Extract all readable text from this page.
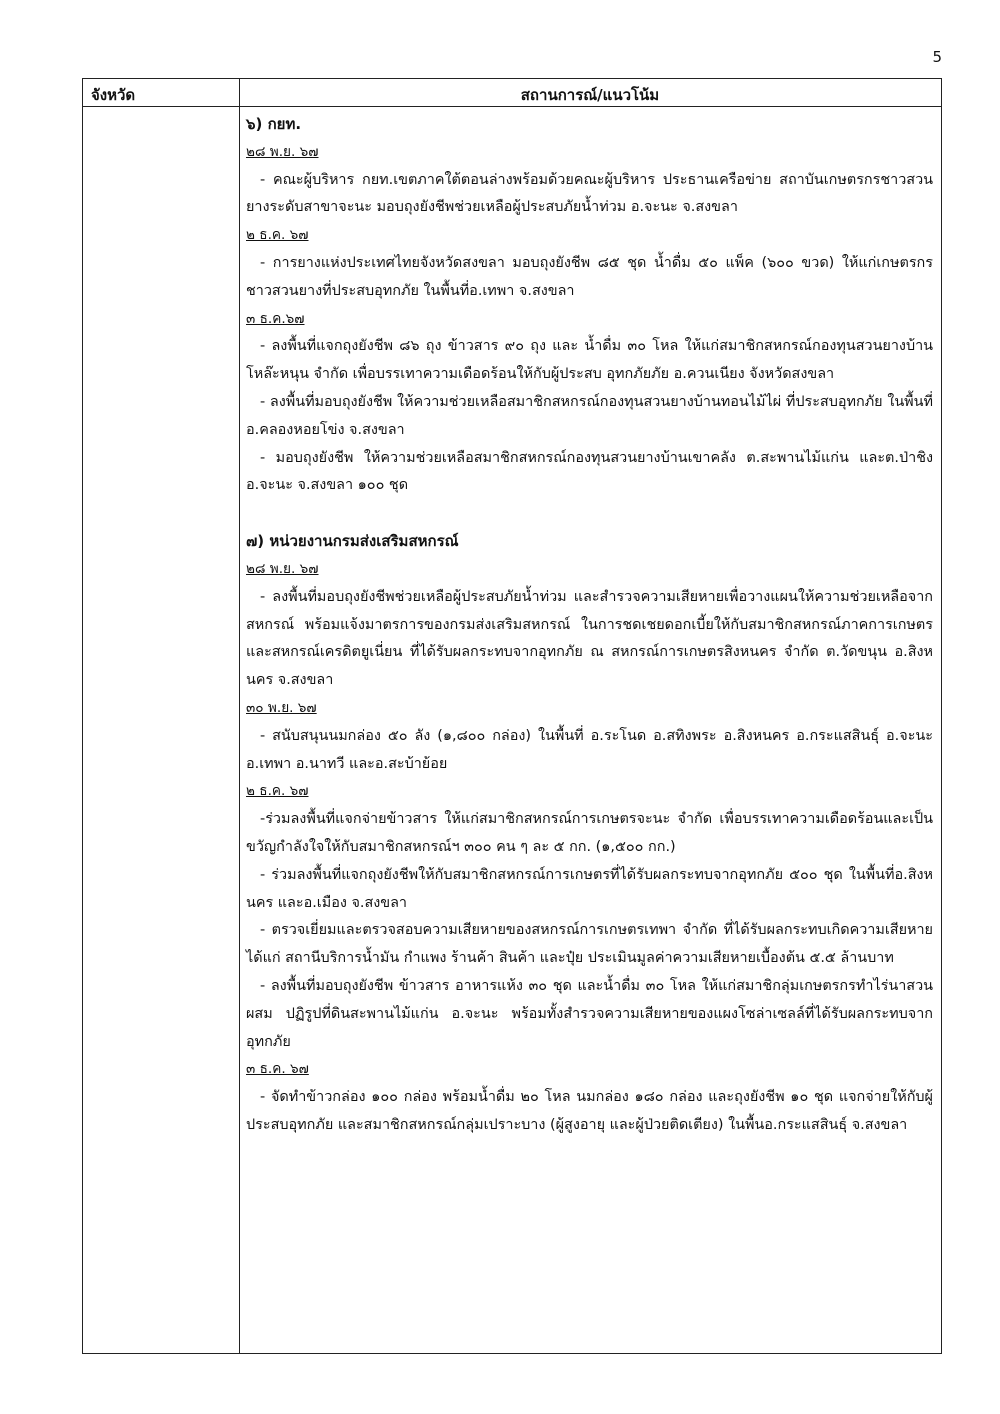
5
จังหวัด	สถานการณ์/แนวโน้ม

๖) กยท.

๒๘ พ.ย. ๖๗

- คณะผู้บริหาร กยท.เขตภาคใต้ตอนล่างพร้อมด้วยคณะผู้บริหาร ประธานเครือข่าย สถาบันเกษตรกรชาวสวนยางระดับสาขาจะนะ มอบถุงยังชีพช่วยเหลือผู้ประสบภัยน้ำท่วม อ.จะนะ จ.สงขลา

๒ ธ.ค. ๖๗

- การยางแห่งประเทศไทยจังหวัดสงขลา มอบถุงยังชีพ ๘๕ ชุด น้ำดื่ม ๕๐ แพ็ค (๖๐๐ ขวด) ให้แก่เกษตรกรชาวสวนยางที่ประสบอุทกภัย ในพื้นที่อ.เทพา จ.สงขลา

๓ ธ.ค.๖๗

- ลงพื้นที่แจกถุงยังชีพ ๘๖ ถุง ข้าวสาร ๙๐ ถุง และ น้ำดื่ม ๓๐ โหล ให้แก่สมาชิกสหกรณ์กองทุนสวนยางบ้านโหล๊ะหนุน จำกัด เพื่อบรรเทาความเดือดร้อนให้กับผู้ประสบ อุทกภัยภัย อ.ควนเนียง จังหวัดสงขลา

- ลงพื้นที่มอบถุงยังชีพ ให้ความช่วยเหลือสมาชิกสหกรณ์กองทุนสวนยางบ้านทอนไม้ไผ่ ที่ประสบอุทกภัย ในพื้นที่อ.คลองหอยโข่ง จ.สงขลา

- มอบถุงยังชีพ ให้ความช่วยเหลือสมาชิกสหกรณ์กองทุนสวนยางบ้านเขาคลัง ต.สะพานไม้แก่น และต.ป่าชิง อ.จะนะ จ.สงขลา ๑๐๐ ชุด

๗) หน่วยงานกรมส่งเสริมสหกรณ์

๒๘ พ.ย. ๖๗

- ลงพื้นที่มอบถุงยังชีพช่วยเหลือผู้ประสบภัยน้ำท่วม และสำรวจความเสียหายเพื่อวางแผนให้ความช่วยเหลือจากสหกรณ์ พร้อมแจ้งมาตรการของกรมส่งเสริมสหกรณ์ ในการชดเชยดอกเบี้ยให้กับสมาชิกสหกรณ์ภาคการเกษตร และสหกรณ์เครดิตยูเนี่ยน ที่ได้รับผลกระทบจากอุทกภัย ณ สหกรณ์การเกษตรสิงหนคร จำกัด ต.วัดขนุน อ.สิงหนคร จ.สงขลา

๓๐ พ.ย. ๖๗

- สนับสนุนนมกล่อง ๕๐ ลัง (๑,๘๐๐ กล่อง) ในพื้นที่ อ.ระโนด อ.สทิงพระ อ.สิงหนคร อ.กระแสสินธุ์ อ.จะนะ อ.เทพา อ.นาทวี และอ.สะบ้าย้อย

๒ ธ.ค. ๖๗

-ร่วมลงพื้นที่แจกจ่ายข้าวสาร ให้แก่สมาชิกสหกรณ์การเกษตรจะนะ จำกัด เพื่อบรรเทาความเดือดร้อนและเป็นขวัญกำลังใจให้กับสมาชิกสหกรณ์ฯ ๓๐๐ คน ๆ ละ ๕ กก. (๑,๕๐๐ กก.)

- ร่วมลงพื้นที่แจกถุงยังชีพให้กับสมาชิกสหกรณ์การเกษตรที่ได้รับผลกระทบจากอุทกภัย ๕๐๐ ชุด ในพื้นที่อ.สิงหนคร และอ.เมือง จ.สงขลา

- ตรวจเยี่ยมและตรวจสอบความเสียหายของสหกรณ์การเกษตรเทพา จำกัด ที่ได้รับผลกระทบเกิดความเสียหาย ได้แก่ สถานีบริการน้ำมัน กำแพง ร้านค้า สินค้า และปุ๋ย ประเมินมูลค่าความเสียหายเบื้องต้น ๕.๕ ล้านบาท

- ลงพื้นที่มอบถุงยังชีพ ข้าวสาร อาหารแห้ง ๓๐ ชุด และน้ำดื่ม ๓๐ โหล ให้แก่สมาชิกลุ่มเกษตรกรทำไร่นาสวนผสม ปฏิรูปที่ดินสะพานไม้แก่น อ.จะนะ พร้อมทั้งสำรวจความเสียหายของแผงโซล่าเซลล์ที่ได้รับผลกระทบจากอุทกภัย

๓ ธ.ค. ๖๗

- จัดทำข้าวกล่อง ๑๐๐ กล่อง พร้อมน้ำดื่ม ๒๐ โหล นมกล่อง ๑๘๐ กล่อง และถุงยังชีพ ๑๐ ชุด แจกจ่ายให้กับผู้ประสบอุทกภัย และสมาชิกสหกรณ์กลุ่มเปราะบาง (ผู้สูงอายุ และผู้ป่วยติดเตียง) ในพื้นอ.กระแสสินธุ์ จ.สงขลา
